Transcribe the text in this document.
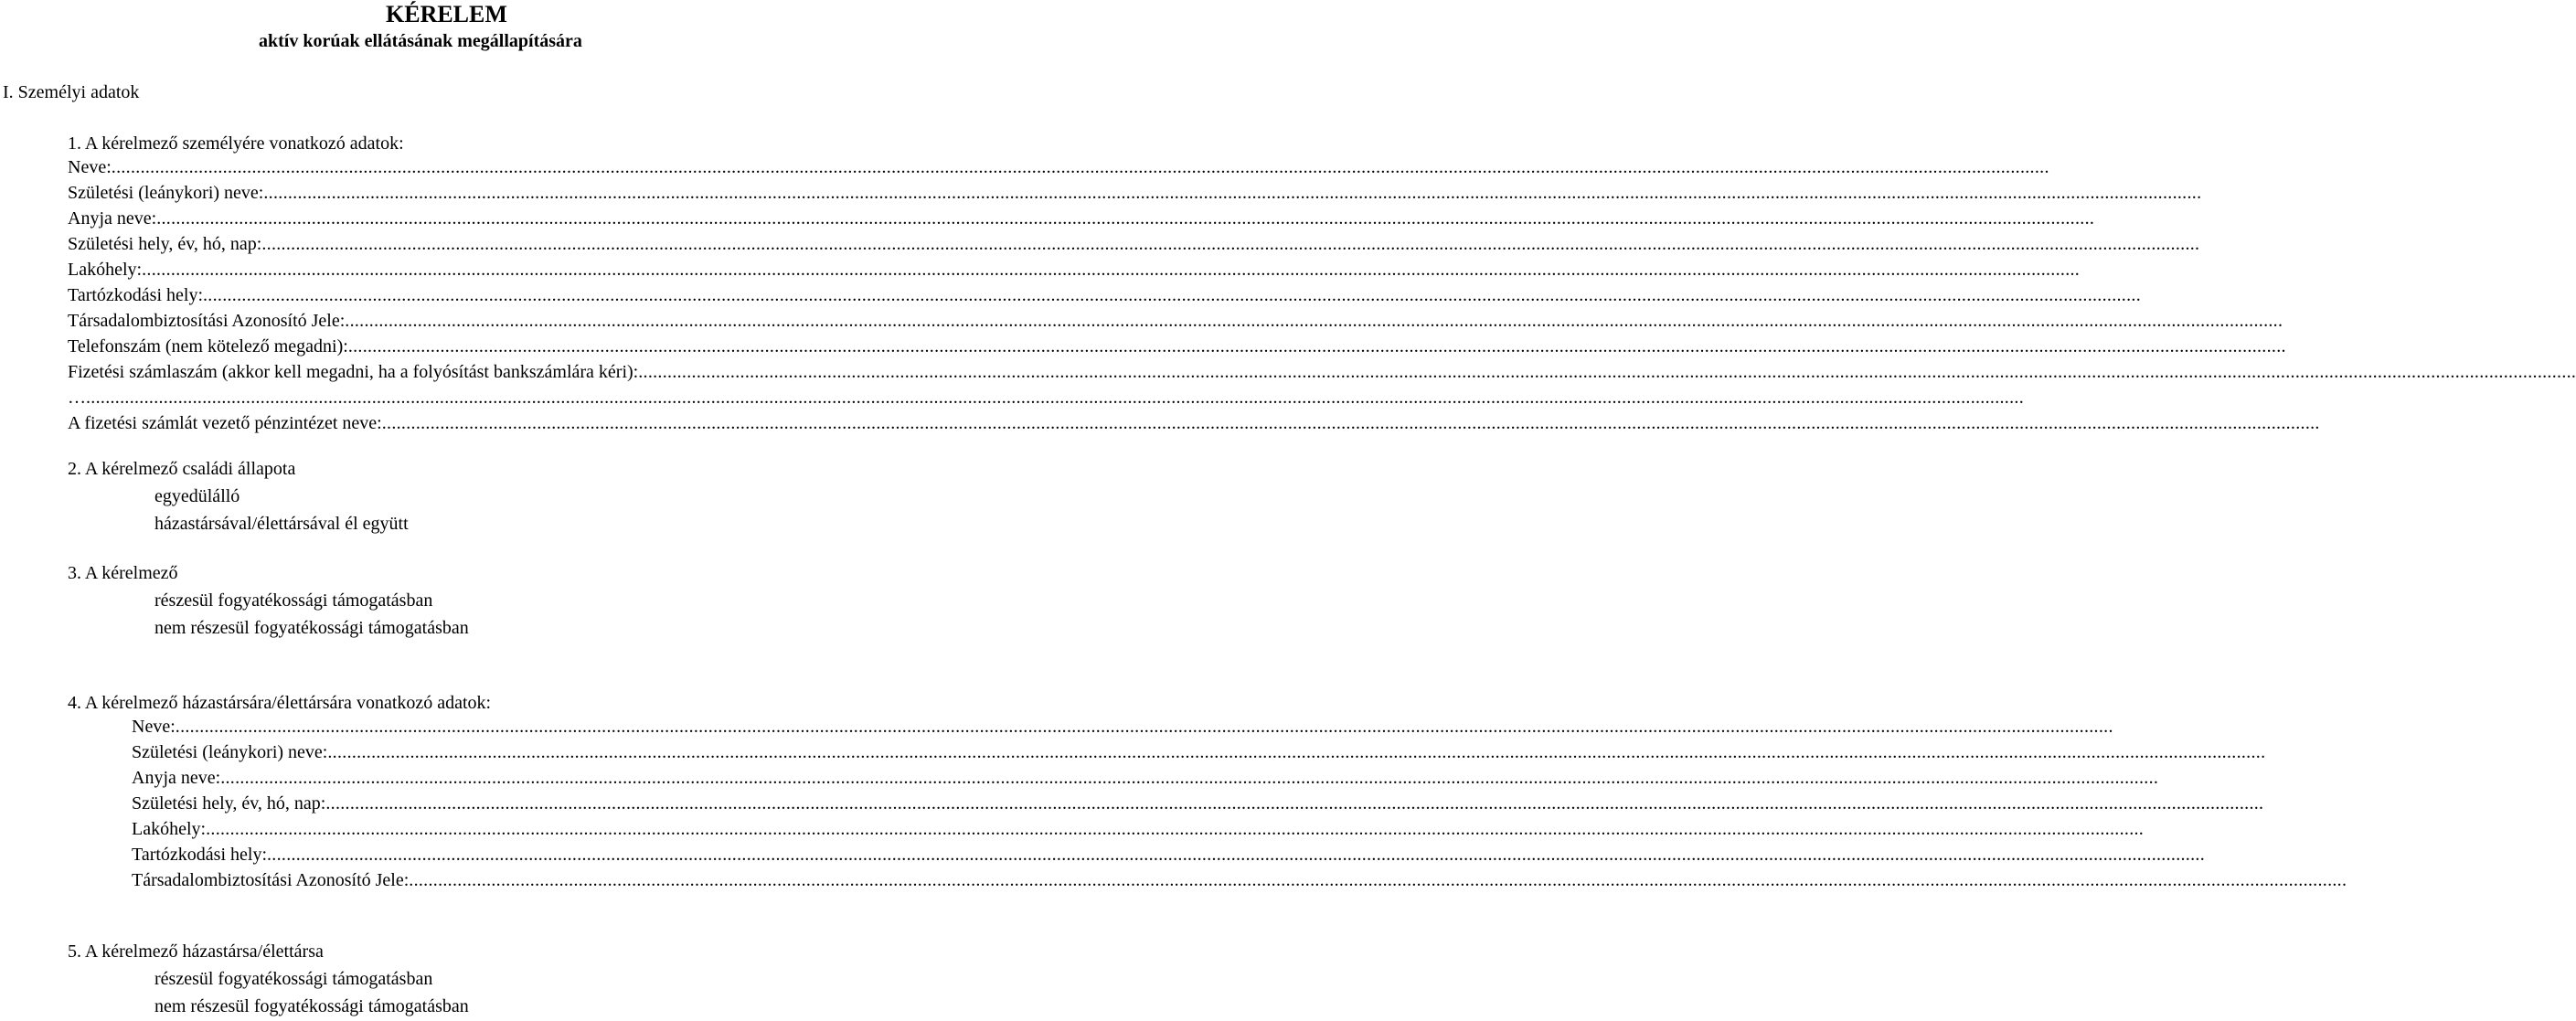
KÉRELEM
aktív korúak ellátásának megállapítására
I. Személyi adatok
1. A kérelmező személyére vonatkozó adatok:
Neve:................................................................................................................................................................................................................................................................................................................................................................................................................
Születési (leánykori) neve:................................................................................................................................................................................................................................................................................................................................................................................................................
Anyja neve:................................................................................................................................................................................................................................................................................................................................................................................................................
Születési hely, év, hó, nap:................................................................................................................................................................................................................................................................................................................................................................................................................
Lakóhely:................................................................................................................................................................................................................................................................................................................................................................................................................
Tartózkodási hely:................................................................................................................................................................................................................................................................................................................................................................................................................
Társadalombiztosítási Azonosító Jele:................................................................................................................................................................................................................................................................................................................................................................................................................
Telefonszám (nem kötelező megadni):................................................................................................................................................................................................................................................................................................................................................................................................................
Fizetési számlaszám (akkor kell megadni, ha a folyósítást bankszámlára kéri):................................................................................................................................................................................................................................................................................................................................................................................................................
…................................................................................................................................................................................................................................................................................................................................................................................................................
A fizetési számlát vezető pénzintézet neve:................................................................................................................................................................................................................................................................................................................................................................................................................
2. A kérelmező családi állapota
egyedülálló
házastársával/élettársával él együtt
3. A kérelmező
részesül fogyatékossági támogatásban
nem részesül fogyatékossági támogatásban
4. A kérelmező házastársára/élettársára vonatkozó adatok:
Neve:................................................................................................................................................................................................................................................................................................................................................................................................................
Születési (leánykori) neve:................................................................................................................................................................................................................................................................................................................................................................................................................
Anyja neve:................................................................................................................................................................................................................................................................................................................................................................................................................
Születési hely, év, hó, nap:................................................................................................................................................................................................................................................................................................................................................................................................................
Lakóhely:................................................................................................................................................................................................................................................................................................................................................................................................................
Tartózkodási hely:................................................................................................................................................................................................................................................................................................................................................................................................................
Társadalombiztosítási Azonosító Jele:................................................................................................................................................................................................................................................................................................................................................................................................................
5. A kérelmező házastársa/élettársa
részesül fogyatékossági támogatásban
nem részesül fogyatékossági támogatásban
